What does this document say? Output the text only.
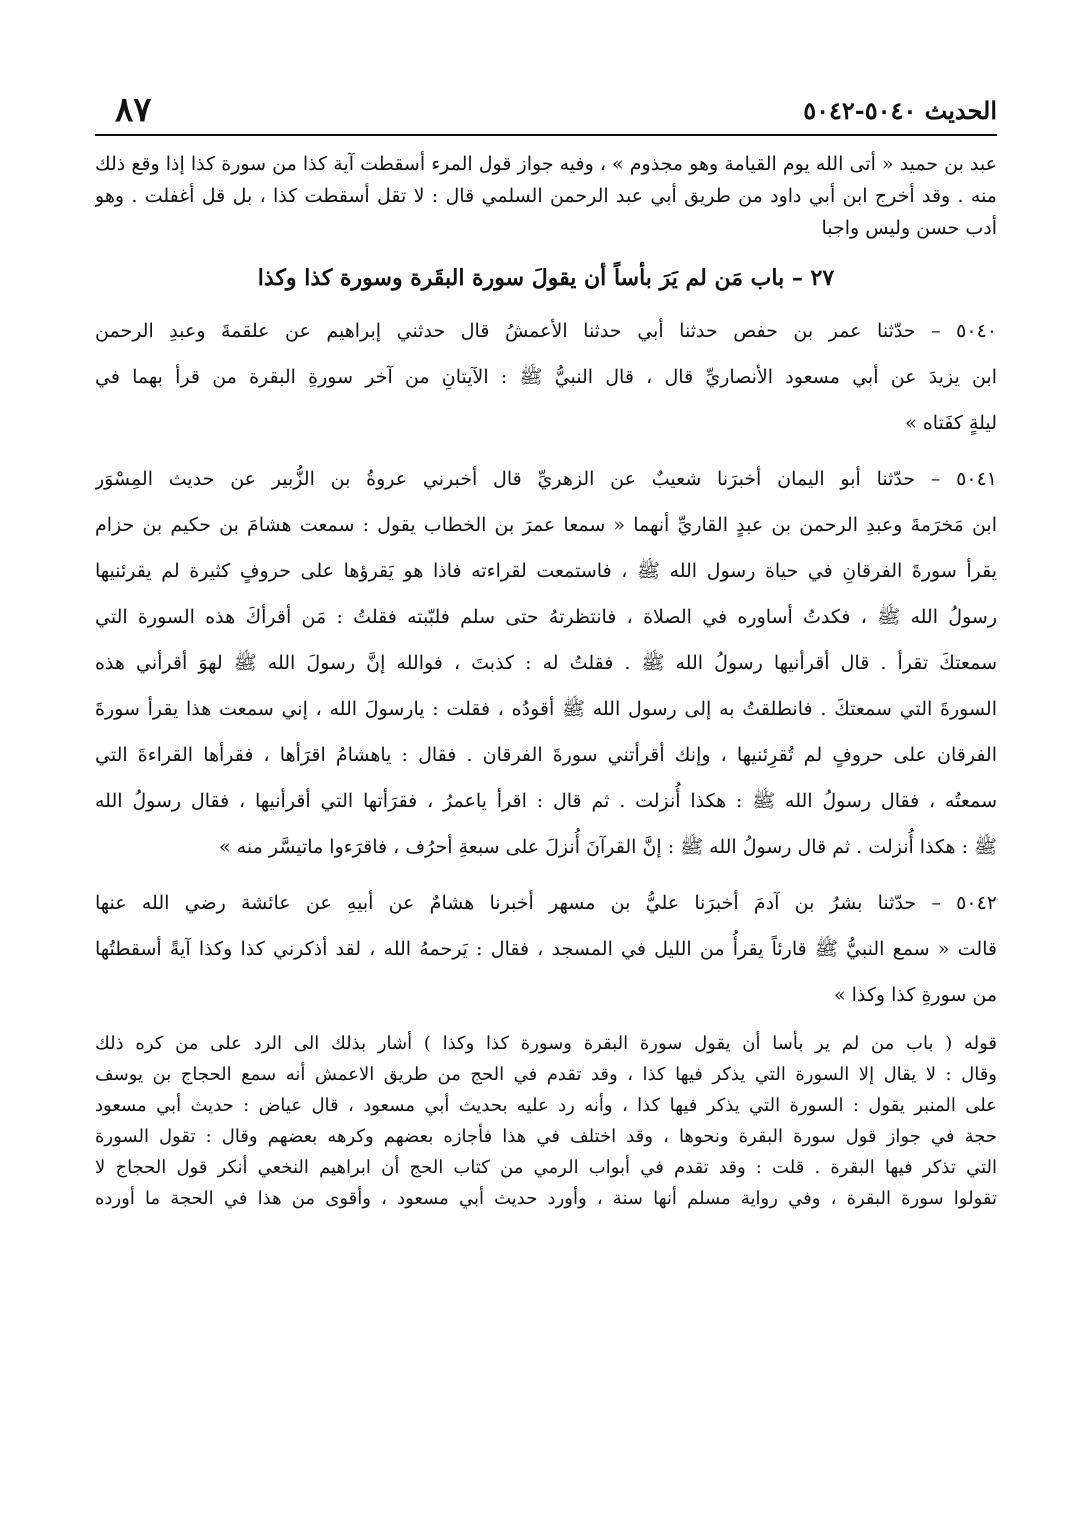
الحديث ٥٠٤٠-٥٠٤٢
٨٧
عبد بن حميد « أتى الله يوم القيامة وهو مجذوم » ، وفيه جواز قول المرء أسقطت آية كذا من سورة كذا إذا وقع ذلك
منه . وقد أخرج ابن أبي داود من طريق أبي عبد الرحمن السلمي قال : لا تقل أسقطت كذا ، بل قل أغفلت . وهو
أدب حسن وليس واجبا
٢٧ – باب مَن لم يَرَ بأساً أن يقولَ سورة البقَرة وسورة كذا وكذا
٥٠٤٠ – حدّثنا عمر بن حفص حدثنا أبي حدثنا الأعمشُ قال حدثني إبراهيم عن علقمةَ وعبدِ الرحمن
ابن يزيدَ عن أبي مسعود الأنصاريِّ قال ، قال النبيُّ ﷺ : الآيتانِ من آخر سورةِ البقرة من قرأ بهما في
ليلةٍ كفَتاه »
٥٠٤١ – حدّثنا أبو اليمان أخبرَنا شعيبٌ عن الزهريِّ قال أخبرني عروةُ بن الزُّبير عن حديث المِسْوَر
ابن مَخرَمةَ وعبدِ الرحمن بن عبدٍ القاريِّ أنهما « سمعا عمرَ بن الخطاب يقول : سمعت هشامَ بن حكيم بن حزام
يقرأ سورةَ الفرقانِ في حياة رسول الله ﷺ ، فاستمعت لقراءته فاذا هو يَقرؤها على حروفٍ كثيرة لم يقرئنيها
رسولُ الله ﷺ ، فكدتُ أساوره في الصلاة ، فانتظرتهُ حتى سلم فلبّبته فقلتُ : مَن أقرأكَ هذه السورة التي
سمعتكَ تقرأ . قال أقرأنيها رسولُ الله ﷺ . فقلتُ له : كذبتَ ، فوالله إنَّ رسولَ الله ﷺ لهوَ أقرأني هذه
السورةَ التي سمعتكَ . فانطلقتُ به إلى رسول الله ﷺ أقودُه ، فقلت : يارسولَ الله ، إني سمعت هذا يقرأ سورةَ
الفرقان على حروفٍ لم تُقرِئنيها ، وإنك أقرأتني سورةَ الفرقان . فقال : ياهشامُ اقرَأها ، فقرأها القراءةَ التي
سمعتُه ، فقال رسولُ الله ﷺ : هكذا أُنزلت . ثم قال : اقرأ ياعمرُ ، فقرَأتها التي أقرأنيها ، فقال رسولُ الله
ﷺ : هكذا أُنزلت . ثم قال رسولُ الله ﷺ : إنَّ القرآنَ أُنزلَ على سبعةِ أحرُف ، فاقرَءوا ماتيسَّر منه »
٥٠٤٢ – حدّثنا بشرُ بن آدمَ أخبرَنا عليُّ بن مسهر أخبرنا هشامٌ عن أبيهِ عن عائشة رضي الله عنها
قالت « سمع النبيُّ ﷺ قارئاً يقرأُ من الليل في المسجد ، فقال : يَرحمهُ الله ، لقد أذكرني كذا وكذا آيةً أسقطتُها
من سورةِ كذا وكذا »
قوله ( باب من لم ير بأسا أن يقول سورة البقرة وسورة كذا وكذا ) أشار بذلك الى الرد على من كره ذلك
وقال : لا يقال إلا السورة التي يذكر فيها كذا ، وقد تقدم في الحج من طريق الاعمش أنه سمع الحجاج بن يوسف
على المنبر يقول : السورة التي يذكر فيها كذا ، وأنه رد عليه بحديث أبي مسعود ، قال عياض : حديث أبي مسعود
حجة في جواز قول سورة البقرة ونحوها ، وقد اختلف في هذا فأجازه بعضهم وكرهه بعضهم وقال : تقول السورة
التي تذكر فيها البقرة . قلت : وقد تقدم في أبواب الرمي من كتاب الحج أن ابراهيم النخعي أنكر قول الحجاج لا
تقولوا سورة البقرة ، وفي رواية مسلم أنها سنة ، وأورد حديث أبي مسعود ، وأقوى من هذا في الحجة ما أورده
